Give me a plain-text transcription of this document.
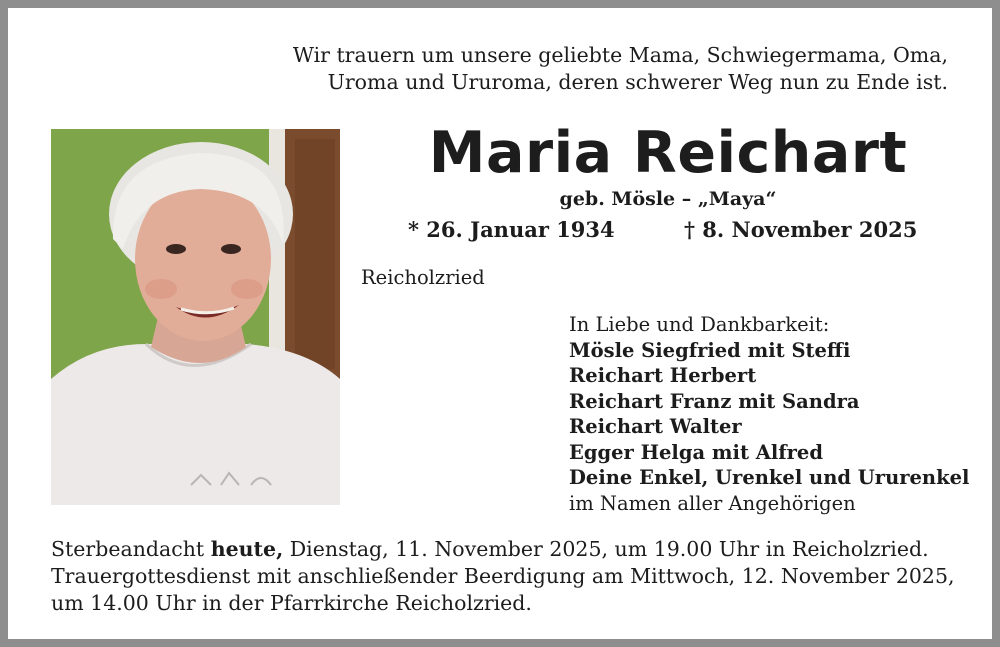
Wir trauern um unsere geliebte Mama, Schwiegermama, Oma,
Uroma und Ururoma, deren schwerer Weg nun zu Ende ist.
Maria Reichart
geb. Mösle – „Maya“
* 26. Januar 1934	† 8. November 2025
Reicholzried
In Liebe und Dankbarkeit:
Mösle Siegfried mit Steffi
Reichart Herbert
Reichart Franz mit Sandra
Reichart Walter
Egger Helga mit Alfred
Deine Enkel, Urenkel und Ururenkel
im Namen aller Angehörigen
Sterbeandacht heute, Dienstag, 11. November 2025, um 19.00 Uhr in Reicholzried.
Trauergottesdienst mit anschließender Beerdigung am Mittwoch, 12. November 2025,
um 14.00 Uhr in der Pfarrkirche Reicholzried.
